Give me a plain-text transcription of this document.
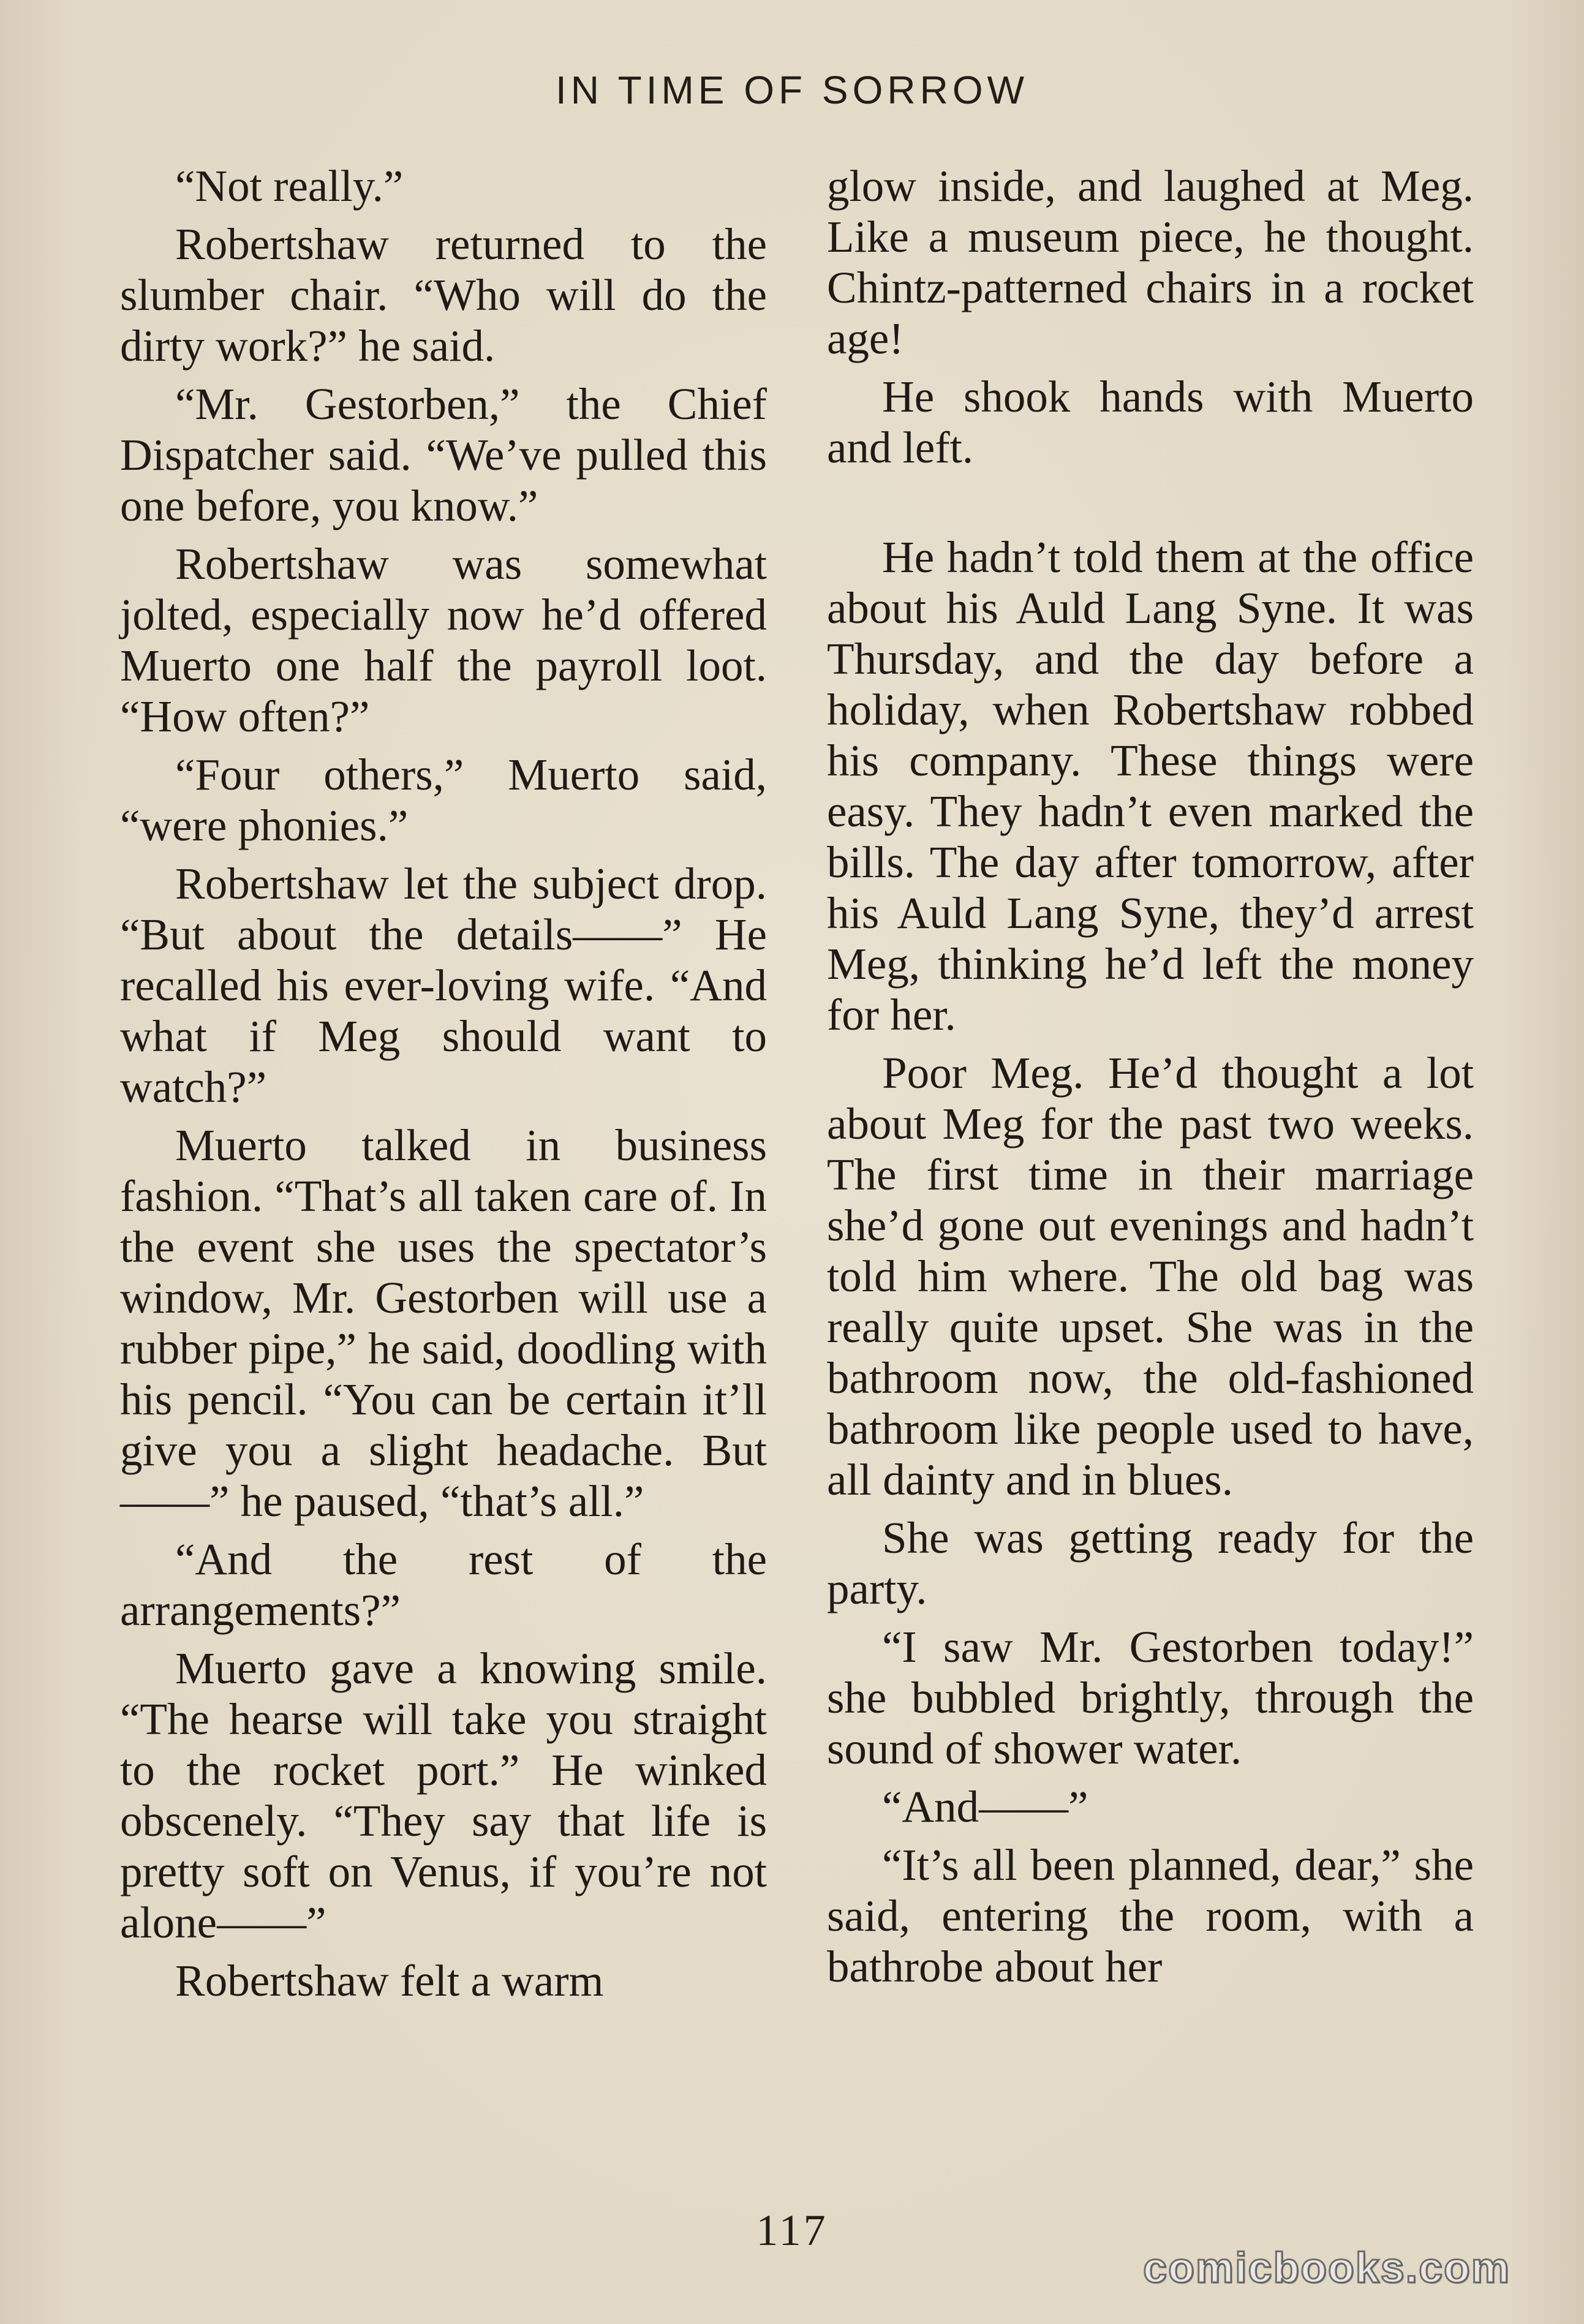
IN TIME OF SORROW

“Not really.”

Robertshaw returned to the slumber chair. “Who will do the dirty work?” he said.

“Mr. Gestorben,” the Chief Dispatcher said. “We’ve pulled this one before, you know.”

Robertshaw was somewhat jolted, especially now he’d offered Muerto one half the payroll loot. “How often?”

“Four others,” Muerto said, “were phonies.”

Robertshaw let the subject drop. “But about the details——” He recalled his ever-loving wife. “And what if Meg should want to watch?”

Muerto talked in business fashion. “That’s all taken care of. In the event she uses the spectator’s window, Mr. Gestorben will use a rubber pipe,” he said, doodling with his pencil. “You can be certain it’ll give you a slight headache. But——” he paused, “that’s all.”

“And the rest of the arrangements?”

Muerto gave a knowing smile. “The hearse will take you straight to the rocket port.” He winked obscenely. “They say that life is pretty soft on Venus, if you’re not alone——”

Robertshaw felt a warm

glow inside, and laughed at Meg. Like a museum piece, he thought. Chintz-patterned chairs in a rocket age!

He shook hands with Muerto and left.

He hadn’t told them at the office about his Auld Lang Syne. It was Thursday, and the day before a holiday, when Robertshaw robbed his company. These things were easy. They hadn’t even marked the bills. The day after tomorrow, after his Auld Lang Syne, they’d arrest Meg, thinking he’d left the money for her.

Poor Meg. He’d thought a lot about Meg for the past two weeks. The first time in their marriage she’d gone out evenings and hadn’t told him where. The old bag was really quite upset. She was in the bathroom now, the old-fashioned bathroom like people used to have, all dainty and in blues.

She was getting ready for the party.

“I saw Mr. Gestorben today!” she bubbled brightly, through the sound of shower water.

“And——”

“It’s all been planned, dear,” she said, entering the room, with a bathrobe about her

117
comicbooks.com
